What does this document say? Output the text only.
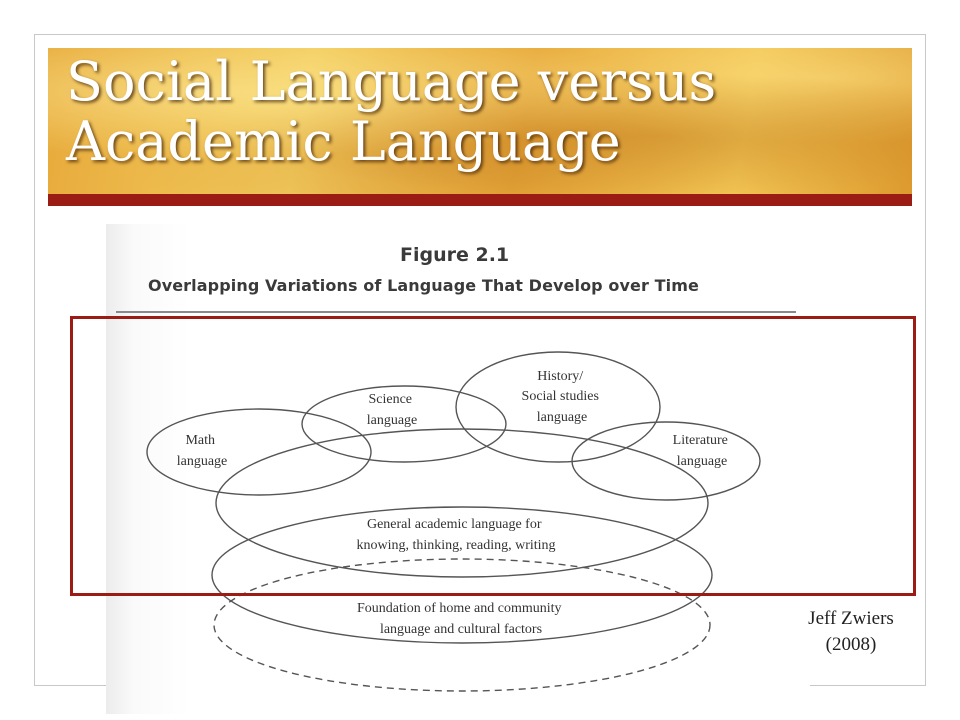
Social Language versus
Academic Language
Figure 2.1
Overlapping Variations of Language That Develop over Time
Math language
Science language
History/ Social studies language
Literature language
General academic language for knowing, thinking, reading, writing
Foundation of home and community language and cultural factors
Jeff Zwiers
(2008)
